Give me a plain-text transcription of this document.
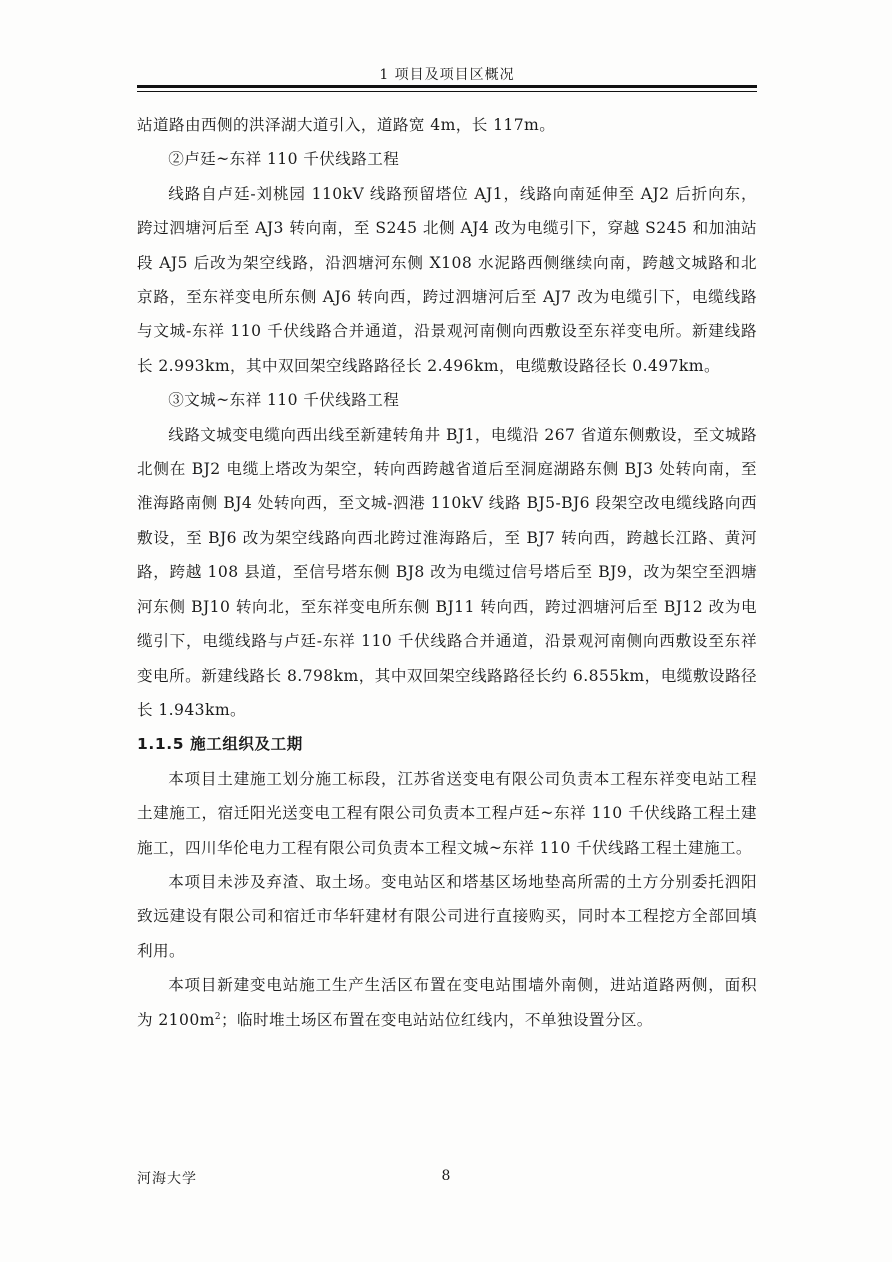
1 项目及项目区概况

站道路由西侧的洪泽湖大道引入，道路宽 4m，长 117m。

②卢廷~东祥 110 千伏线路工程

线路自卢廷-刘桃园 110kV 线路预留塔位 AJ1，线路向南延伸至 AJ2 后折向东，跨过泗塘河后至 AJ3 转向南，至 S245 北侧 AJ4 改为电缆引下，穿越 S245 和加油站段 AJ5 后改为架空线路，沿泗塘河东侧 X108 水泥路西侧继续向南，跨越文城路和北京路，至东祥变电所东侧 AJ6 转向西，跨过泗塘河后至 AJ7 改为电缆引下，电缆线路与文城-东祥 110 千伏线路合并通道，沿景观河南侧向西敷设至东祥变电所。新建线路长 2.993km，其中双回架空线路路径长 2.496km，电缆敷设路径长 0.497km。

③文城~东祥 110 千伏线路工程

线路文城变电缆向西出线至新建转角井 BJ1，电缆沿 267 省道东侧敷设，至文城路北侧在 BJ2 电缆上塔改为架空，转向西跨越省道后至洞庭湖路东侧 BJ3 处转向南，至淮海路南侧 BJ4 处转向西，至文城-泗港 110kV 线路 BJ5-BJ6 段架空改电缆线路向西敷设，至 BJ6 改为架空线路向西北跨过淮海路后，至 BJ7 转向西，跨越长江路、黄河路，跨越 108 县道，至信号塔东侧 BJ8 改为电缆过信号塔后至 BJ9，改为架空至泗塘河东侧 BJ10 转向北，至东祥变电所东侧 BJ11 转向西，跨过泗塘河后至 BJ12 改为电缆引下，电缆线路与卢廷-东祥 110 千伏线路合并通道，沿景观河南侧向西敷设至东祥变电所。新建线路长 8.798km，其中双回架空线路路径长约 6.855km，电缆敷设路径长 1.943km。

1.1.5 施工组织及工期

本项目土建施工划分施工标段，江苏省送变电有限公司负责本工程东祥变电站工程土建施工，宿迁阳光送变电工程有限公司负责本工程卢廷~东祥 110 千伏线路工程土建施工，四川华伦电力工程有限公司负责本工程文城~东祥 110 千伏线路工程土建施工。

本项目未涉及弃渣、取土场。变电站区和塔基区场地垫高所需的土方分别委托泗阳致远建设有限公司和宿迁市华轩建材有限公司进行直接购买，同时本工程挖方全部回填利用。

本项目新建变电站施工生产生活区布置在变电站围墙外南侧，进站道路两侧，面积为 $2100m^2$；临时堆土场区布置在变电站站位红线内，不单独设置分区。

河海大学	8
